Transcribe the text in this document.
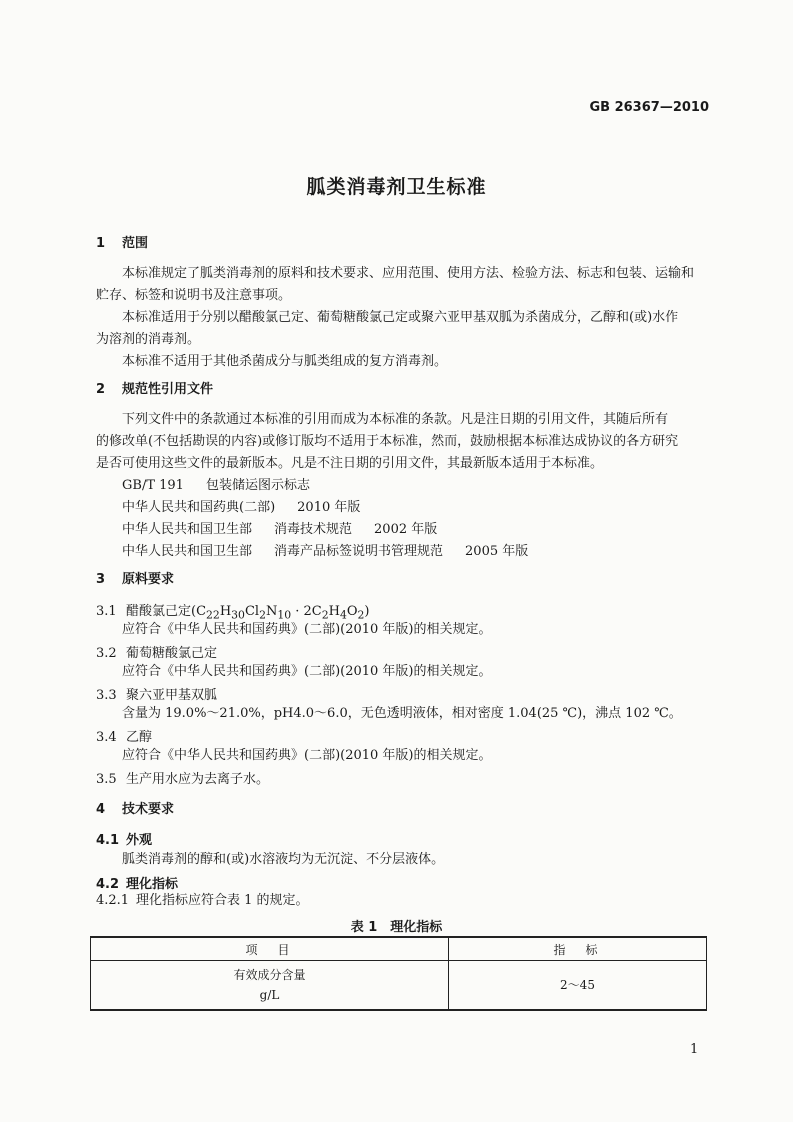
GB 26367—2010
胍类消毒剂卫生标准
1 范围
本标准规定了胍类消毒剂的原料和技术要求、应用范围、使用方法、检验方法、标志和包装、运输和
贮存、标签和说明书及注意事项。
本标准适用于分别以醋酸氯己定、葡萄糖酸氯己定或聚六亚甲基双胍为杀菌成分，乙醇和(或)水作
为溶剂的消毒剂。
本标准不适用于其他杀菌成分与胍类组成的复方消毒剂。
2 规范性引用文件
下列文件中的条款通过本标准的引用而成为本标准的条款。凡是注日期的引用文件，其随后所有
的修改单(不包括勘误的内容)或修订版均不适用于本标准，然而，鼓励根据本标准达成协议的各方研究
是否可使用这些文件的最新版本。凡是不注日期的引用文件，其最新版本适用于本标准。
GB/T 191 包装储运图示标志
中华人民共和国药典(二部) 2010 年版
中华人民共和国卫生部 消毒技术规范 2002 年版
中华人民共和国卫生部 消毒产品标签说明书管理规范 2005 年版
3 原料要求
3.1 醋酸氯己定$(C_{22}H_{30}Cl_2N_{10} \cdot 2C_2H_4O_2)$
应符合《中华人民共和国药典》(二部)(2010 年版)的相关规定。
3.2 葡萄糖酸氯己定
应符合《中华人民共和国药典》(二部)(2010 年版)的相关规定。
3.3 聚六亚甲基双胍
含量为 19.0%～21.0%，pH4.0～6.0，无色透明液体，相对密度 1.04(25 ℃)，沸点 102 ℃。
3.4 乙醇
应符合《中华人民共和国药典》(二部)(2010 年版)的相关规定。
3.5 生产用水应为去离子水。
4 技术要求
4.1 外观
胍类消毒剂的醇和(或)水溶液均为无沉淀、不分层液体。
4.2 理化指标
4.2.1 理化指标应符合表 1 的规定。
表 1　理化指标
项　目	指　标

有效成分含量
g/L	2～45
1
